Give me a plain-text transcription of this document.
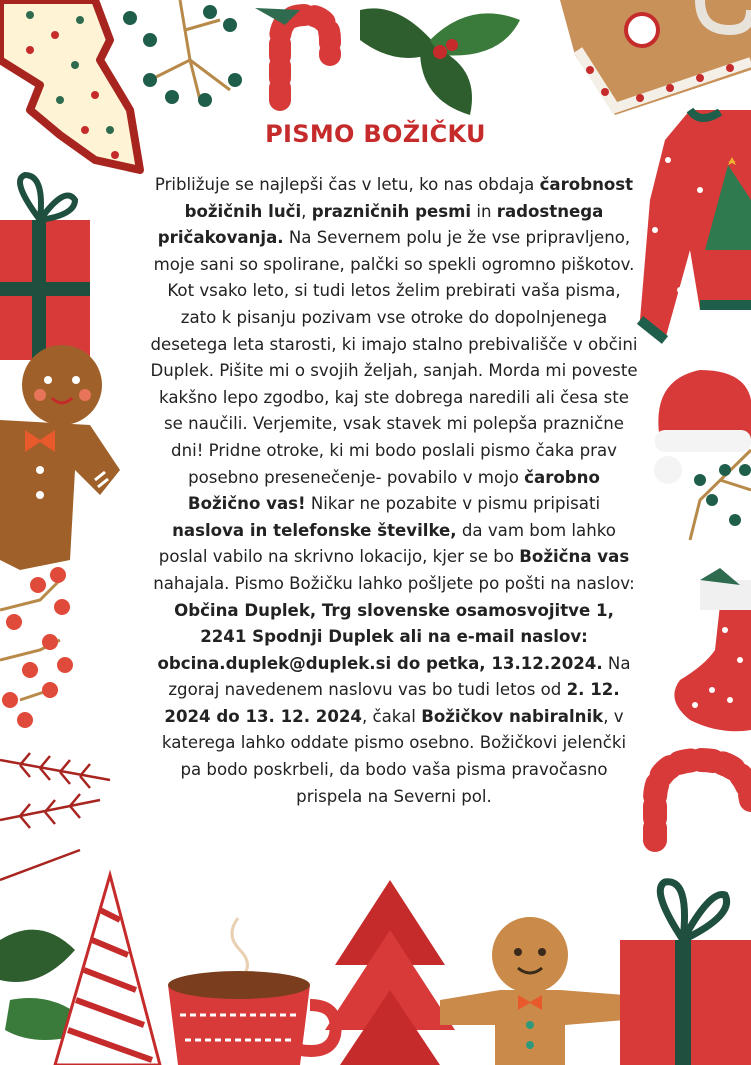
PISMO BOŽIČKU

Približuje se najlepši čas v letu, ko nas obdaja čarobnost božičnih luči, prazničnih pesmi in radostnega pričakovanja. Na Severnem polu je že vse pripravljeno, moje sani so spolirane, palčki so spekli ogromno piškotov. Kot vsako leto, si tudi letos želim prebirati vaša pisma, zato k pisanju pozivam vse otroke do dopolnjenega desetega leta starosti, ki imajo stalno prebivališče v občini Duplek. Pišite mi o svojih željah, sanjah. Morda mi poveste kakšno lepo zgodbo, kaj ste dobrega naredili ali česa ste se naučili. Verjemite, vsak stavek mi polepša praznične dni! Pridne otroke, ki mi bodo poslali pismo čaka prav posebno presenečenje- povabilo v mojo čarobno Božično vas! Nikar ne pozabite v pismu pripisati naslova in telefonske številke, da vam bom lahko poslal vabilo na skrivno lokacijo, kjer se bo Božična vas nahajala. Pismo Božičku lahko pošljete po pošti na naslov: Občina Duplek, Trg slovenske osamosvojitve 1, 2241 Spodnji Duplek ali na e-mail naslov: obcina.duplek@duplek.si do petka, 13.12.2024. Na zgoraj navedenem naslovu vas bo tudi letos od 2. 12. 2024 do 13. 12. 2024, čakal Božičkov nabiralnik, v katerega lahko oddate pismo osebno. Božičkovi jelenčki pa bodo poskrbeli, da bodo vaša pisma pravočasno prispela na Severni pol.
